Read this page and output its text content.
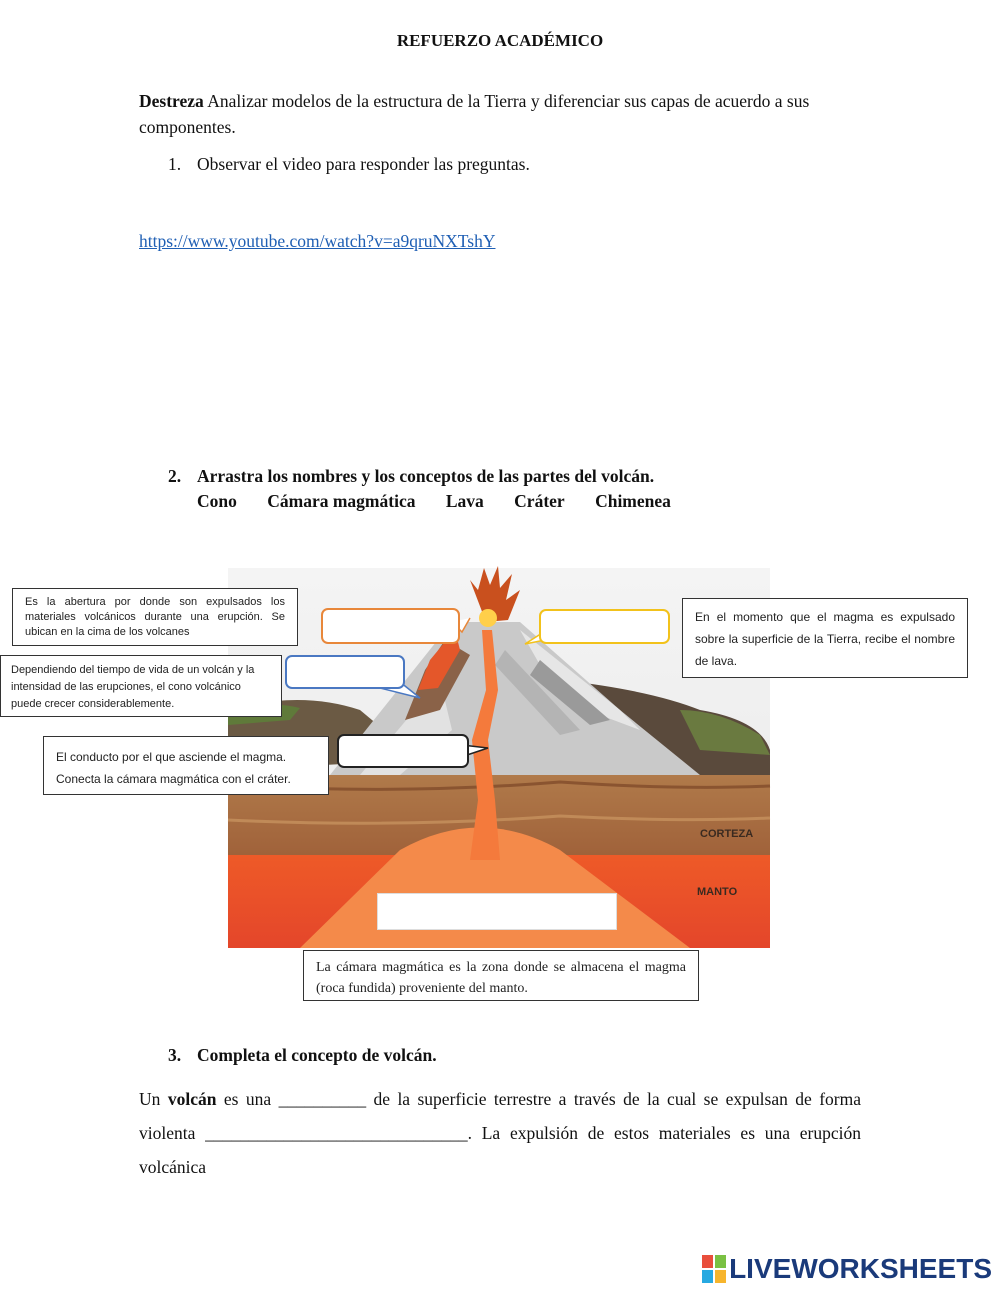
REFUERZO ACADÉMICO
Destreza Analizar modelos de la estructura de la Tierra y diferenciar sus capas de acuerdo a sus componentes.
1. Observar el video para responder las preguntas.
https://www.youtube.com/watch?v=a9qruNXTshY
2. Arrastra los nombres y los conceptos de las partes del volcán.
Cono Cámara magmática Lava Cráter Chimenea
CORTEZA
MANTO
Es la abertura por donde son expulsados los materiales volcánicos durante una erupción. Se ubican en la cima de los volcanes
Dependiendo del tiempo de vida de un volcán y la intensidad de las erupciones, el cono volcánico puede crecer considerablemente.
El conducto por el que asciende el magma. Conecta la cámara magmática con el cráter.
En el momento que el magma es expulsado sobre la superficie de la Tierra, recibe el nombre de lava.
La cámara magmática es la zona donde se almacena el magma (roca fundida) proveniente del manto.
3. Completa el concepto de volcán.
Un volcán es una __________ de la superficie terrestre a través de la cual se expulsan de forma violenta ______________________________. La expulsión de estos materiales es una erupción volcánica
LIVEWORKSHEETS
